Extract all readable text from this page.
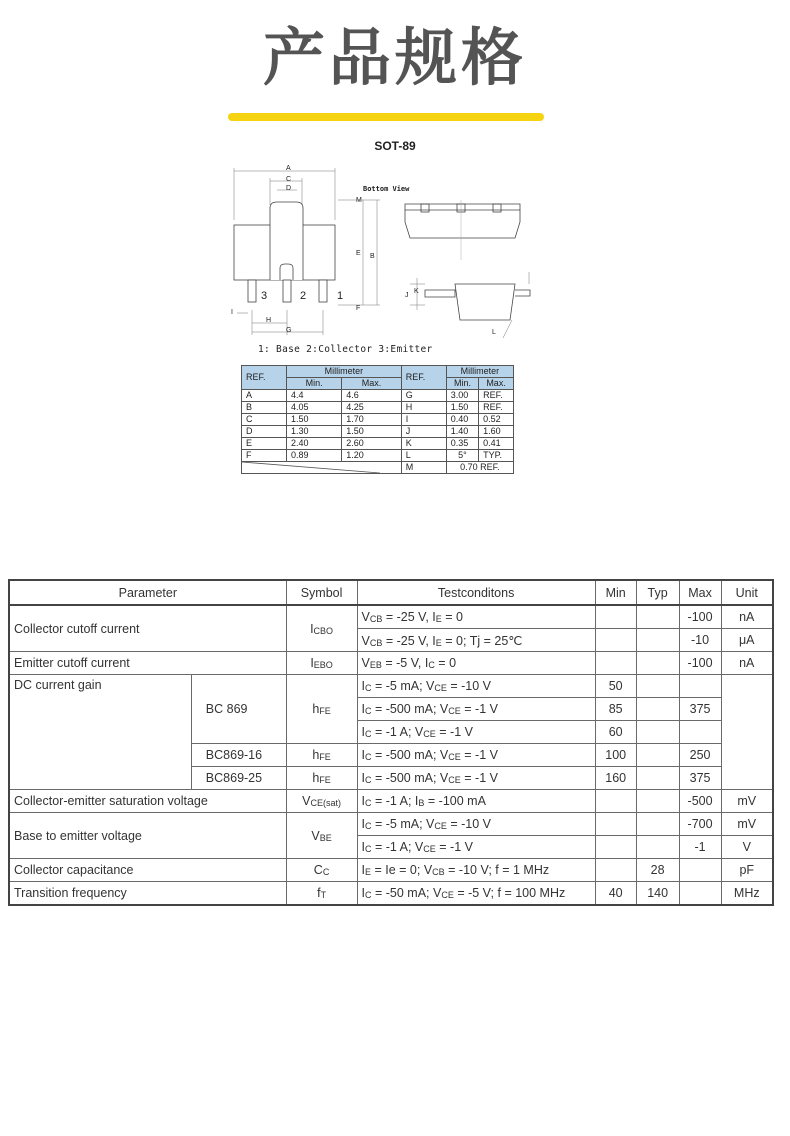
产品规格
SOT-89
A
C
D
B
E
M
F
H
G
I
J
K
L
3	2	1
Bottom View
1: Base 2:Collector 3:Emitter
REF.	Millimeter		REF.	Millimeter	
	Min.	Max.		Min.	Max.
A	4.4	4.6	G	3.00	REF.
B	4.05	4.25	H	1.50	REF.
C	1.50	1.70	I	0.40	0.52
D	1.30	1.50	J	1.40	1.60
E	2.40	2.60	K	0.35	0.41
F	0.89	1.20	L	5°	TYP.

	M	0.70 REF.	
Parameter		Symbol	Testconditons	Min	Typ	Max	Unit
Collector cutoff current		$I_{CBO}$	$V_{CB} = -25$ V, $I_E = 0$			-100	nA
			$V_{CB} = -25$ V, $I_E = 0$; Tj = 25℃			-10	μA
Emitter cutoff current		$I_{EBO}$	$V_{EB} = -5$ V, $I_C = 0$			-100	nA
DC current gain	BC 869	$h_{FE}$	$I_C = -5$ mA; $V_{CE} = -10$ V	50			
			$I_C = -500$ mA; $V_{CE} = -1$ V	85		375	
			$I_C = -1$ A; $V_{CE} = -1$ V	60			
	BC869-16	$h_{FE}$	$I_C = -500$ mA; $V_{CE} = -1$ V	100		250	
	BC869-25	$h_{FE}$	$I_C = -500$ mA; $V_{CE} = -1$ V	160		375	
Collector-emitter saturation voltage		$V_{CE(sat)}$	$I_C = -1$ A; $I_B = -100$ mA			-500	mV
Base to emitter voltage		$V_{BE}$	$I_C = -5$ mA; $V_{CE} = -10$ V			-700	mV
			$I_C = -1$ A; $V_{CE} = -1$ V			-1	V
Collector capacitance		$C_C$	$I_E = Ie = 0$; $V_{CB} = -10$ V; f = 1 MHz		28		pF
Transition frequency		$f_T$	$I_C = -50$ mA; $V_{CE} = -5$ V; f = 100 MHz	40	140		MHz
